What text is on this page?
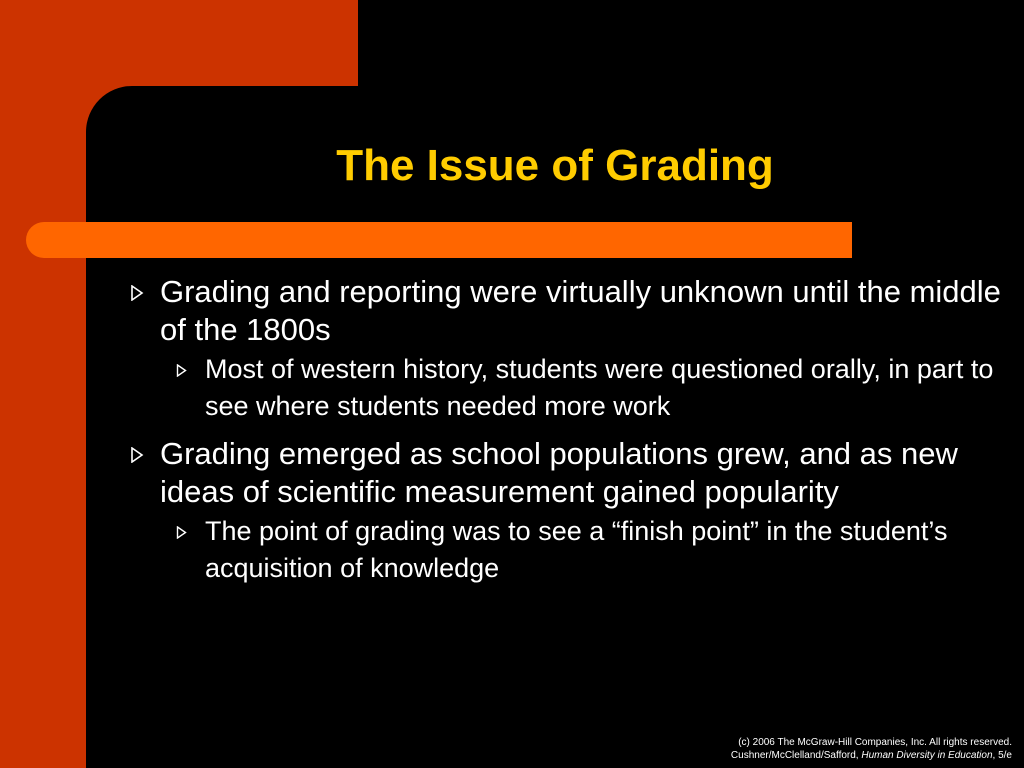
The Issue of Grading
Grading and reporting were virtually unknown until the middle of the 1800s
Most of western history, students were questioned orally, in part to see where students needed more work
Grading emerged as school populations grew, and as new ideas of scientific measurement gained popularity
The point of grading was to see a “finish point” in the student’s acquisition of knowledge
(c) 2006 The McGraw-Hill Companies, Inc. All rights reserved.
Cushner/McClelland/Safford, Human Diversity in Education, 5/e
